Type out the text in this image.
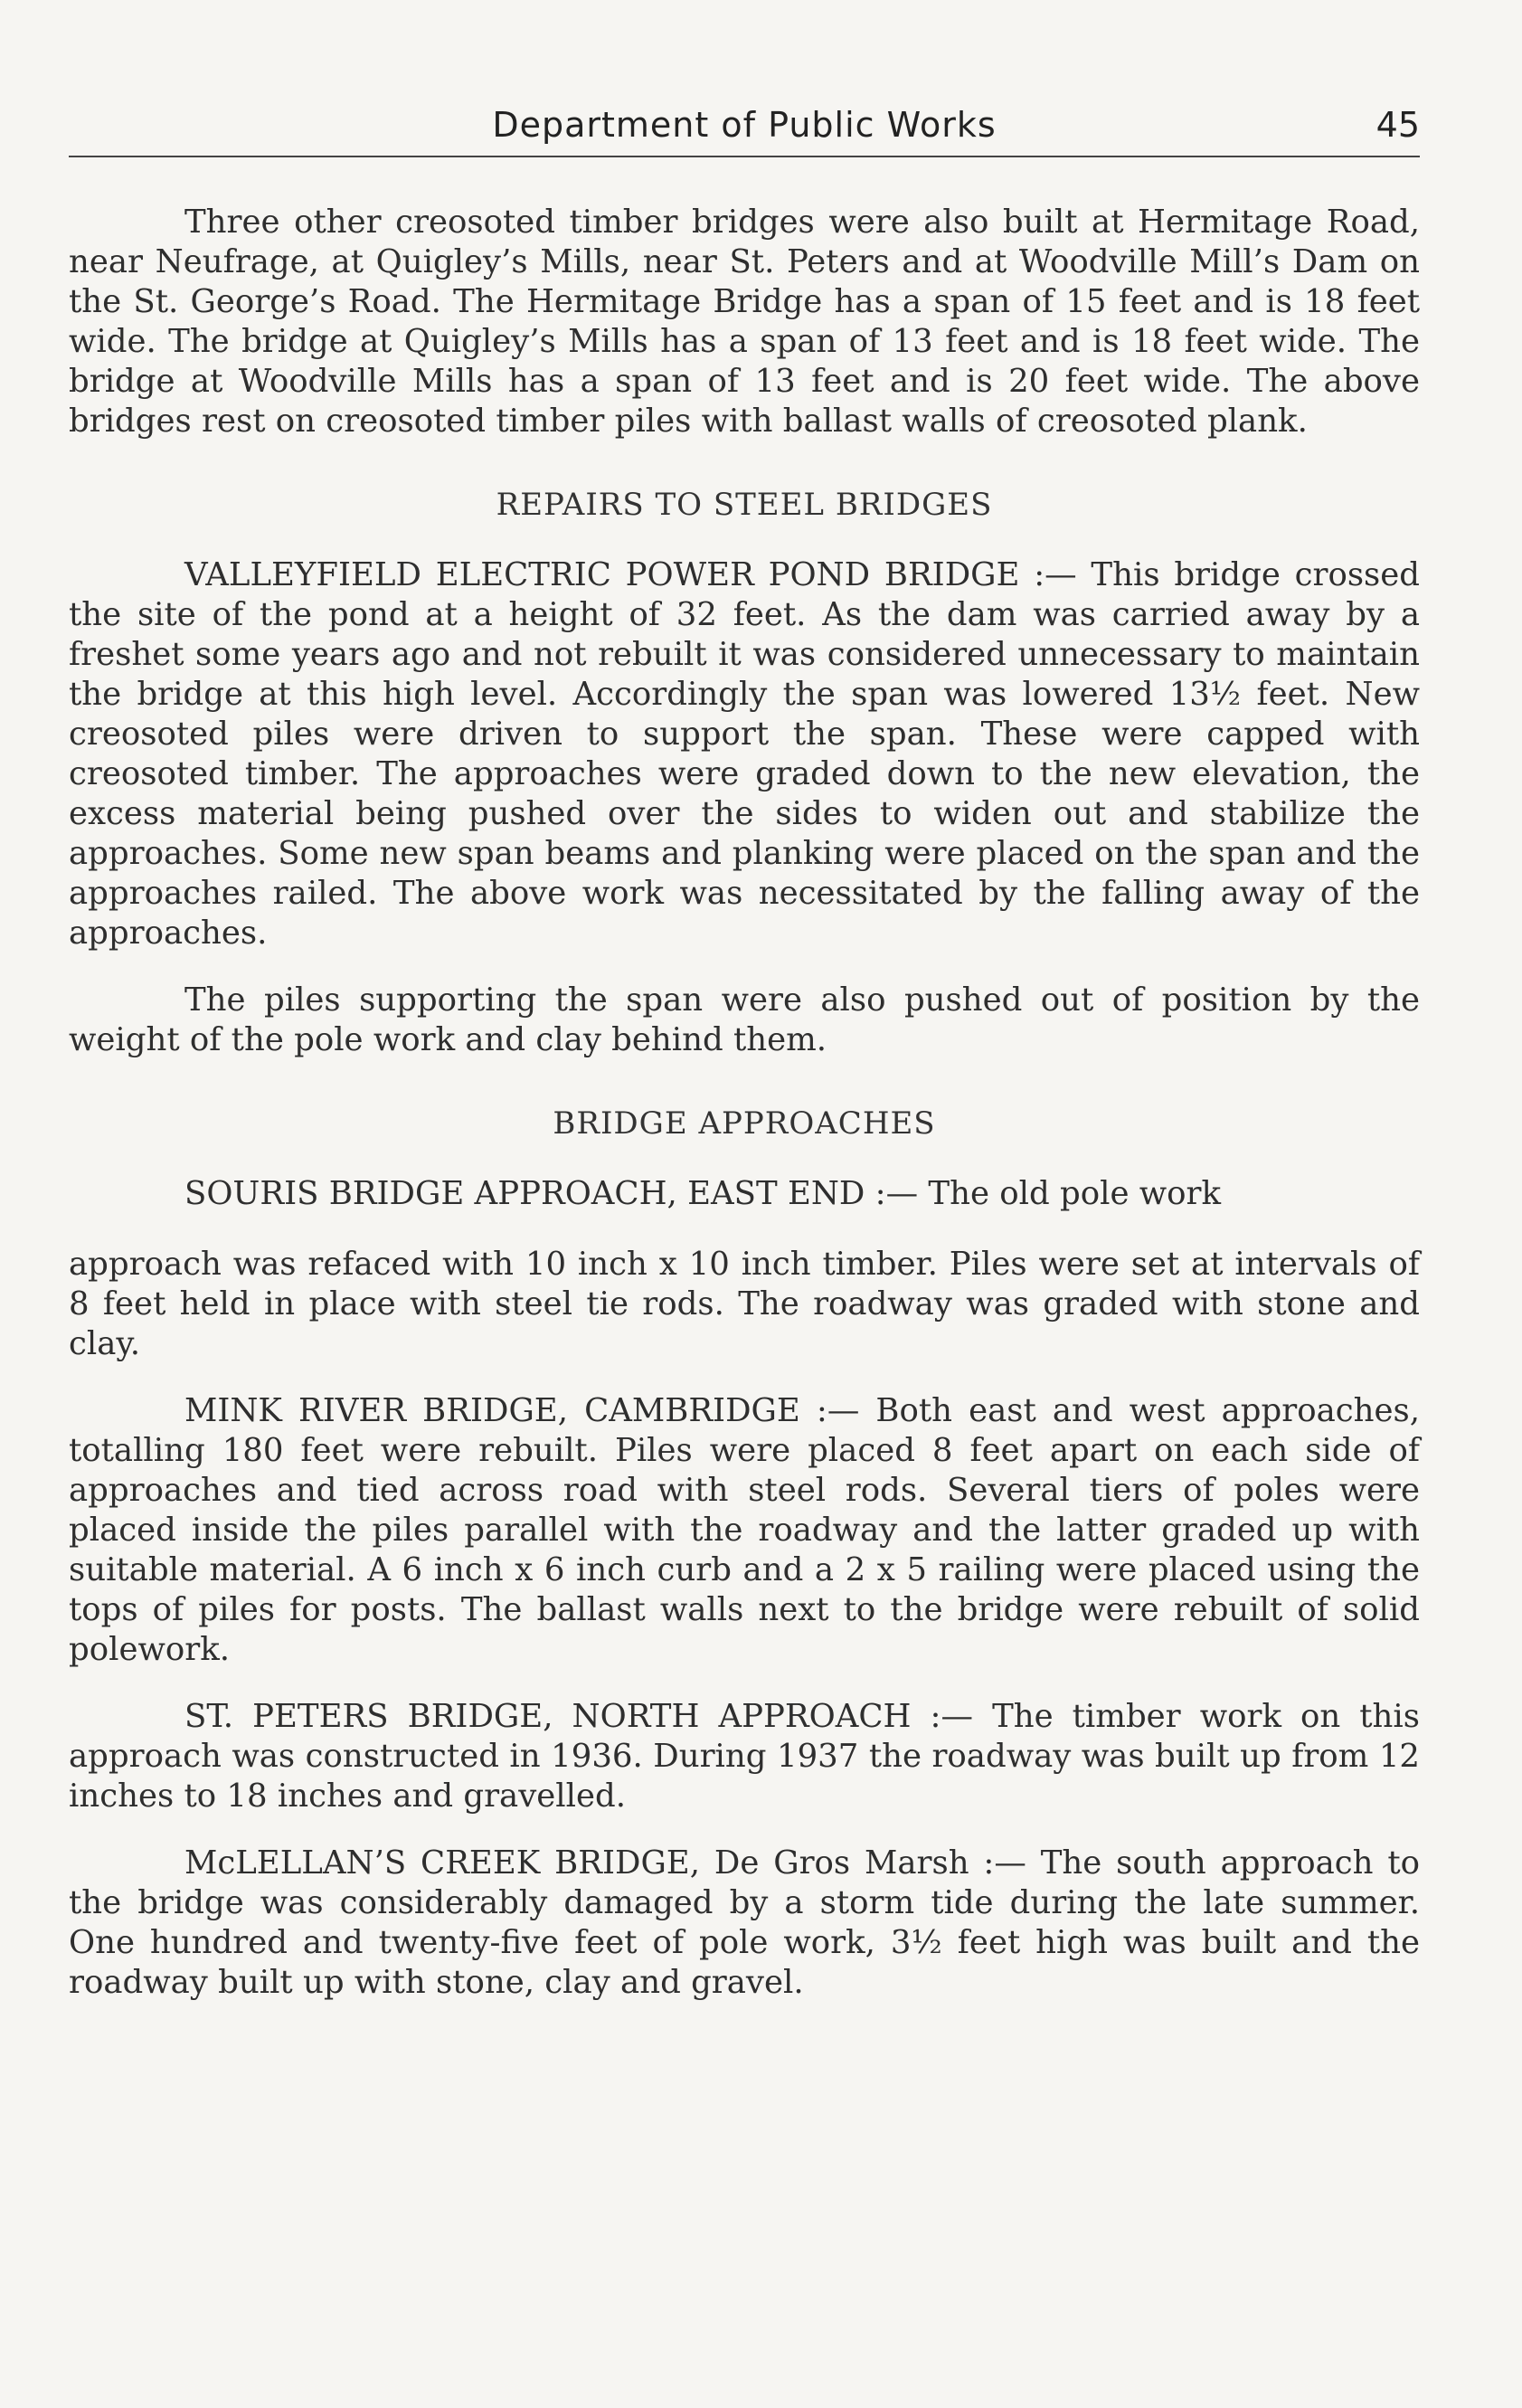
Department of Public Works	45

Three other creosoted timber bridges were also built at Hermitage Road, near Neufrage, at Quigley’s Mills, near St. Peters and at Woodville Mill’s Dam on the St. George’s Road. The Hermitage Bridge has a span of 15 feet and is 18 feet wide. The bridge at Quigley’s Mills has a span of 13 feet and is 18 feet wide. The bridge at Woodville Mills has a span of 13 feet and is 20 feet wide. The above bridges rest on creosoted timber piles with ballast walls of creosoted plank.

REPAIRS TO STEEL BRIDGES

VALLEYFIELD ELECTRIC POWER POND BRIDGE :— This bridge crossed the site of the pond at a height of 32 feet. As the dam was carried away by a freshet some years ago and not rebuilt it was considered unnecessary to maintain the bridge at this high level. Accordingly the span was lowered 13½ feet. New creosoted piles were driven to support the span. These were capped with creosoted timber. The approaches were graded down to the new elevation, the excess material being pushed over the sides to widen out and stabilize the approaches. Some new span beams and planking were placed on the span and the approaches railed. The above work was necessitated by the falling away of the approaches.

The piles supporting the span were also pushed out of position by the weight of the pole work and clay behind them.

BRIDGE APPROACHES

SOURIS BRIDGE APPROACH, EAST END :— The old pole work

approach was refaced with 10 inch x 10 inch timber. Piles were set at intervals of 8 feet held in place with steel tie rods. The roadway was graded with stone and clay.

MINK RIVER BRIDGE, CAMBRIDGE :— Both east and west approaches, totalling 180 feet were rebuilt. Piles were placed 8 feet apart on each side of approaches and tied across road with steel rods. Several tiers of poles were placed inside the piles parallel with the roadway and the latter graded up with suitable material. A 6 inch x 6 inch curb and a 2 x 5 railing were placed using the tops of piles for posts. The ballast walls next to the bridge were rebuilt of solid polework.

ST. PETERS BRIDGE, NORTH APPROACH :— The timber work on this approach was constructed in 1936. During 1937 the roadway was built up from 12 inches to 18 inches and gravelled.

McLELLAN’S CREEK BRIDGE, De Gros Marsh :— The south approach to the bridge was considerably damaged by a storm tide during the late summer. One hundred and twenty-five feet of pole work, 3½ feet high was built and the roadway built up with stone, clay and gravel.
